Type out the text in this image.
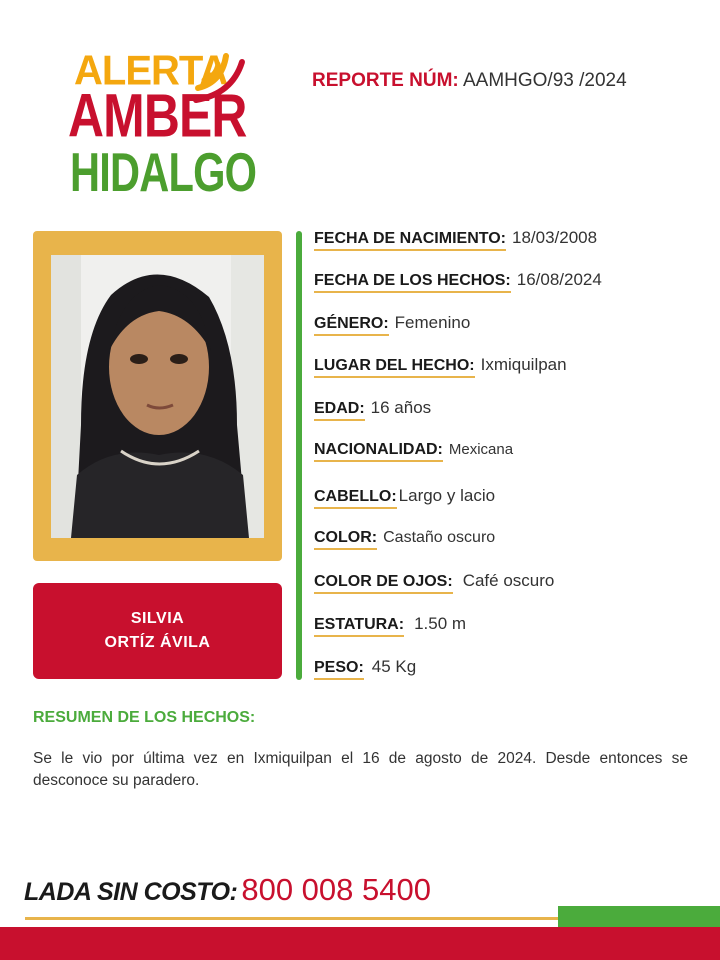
ALERTA
AMBER
HIDALGO
REPORTE NÚM: AAMHGO/93 /2024
SILVIA
ORTÍZ ÁVILA
FECHA DE NACIMIENTO: 18/03/2008
FECHA DE LOS HECHOS: 16/08/2024
GÉNERO: Femenino
LUGAR DEL HECHO: Ixmiquilpan
EDAD: 16 años
NACIONALIDAD: Mexicana
CABELLO: Largo y lacio
COLOR: Castaño oscuro
COLOR DE OJOS: Café oscuro
ESTATURA: 1.50 m
PESO: 45 Kg
RESUMEN DE LOS HECHOS:
Se le vio por última vez en Ixmiquilpan el 16 de agosto de 2024. Desde entonces se desconoce su paradero.
LADA SIN COSTO: 800 008 5400
